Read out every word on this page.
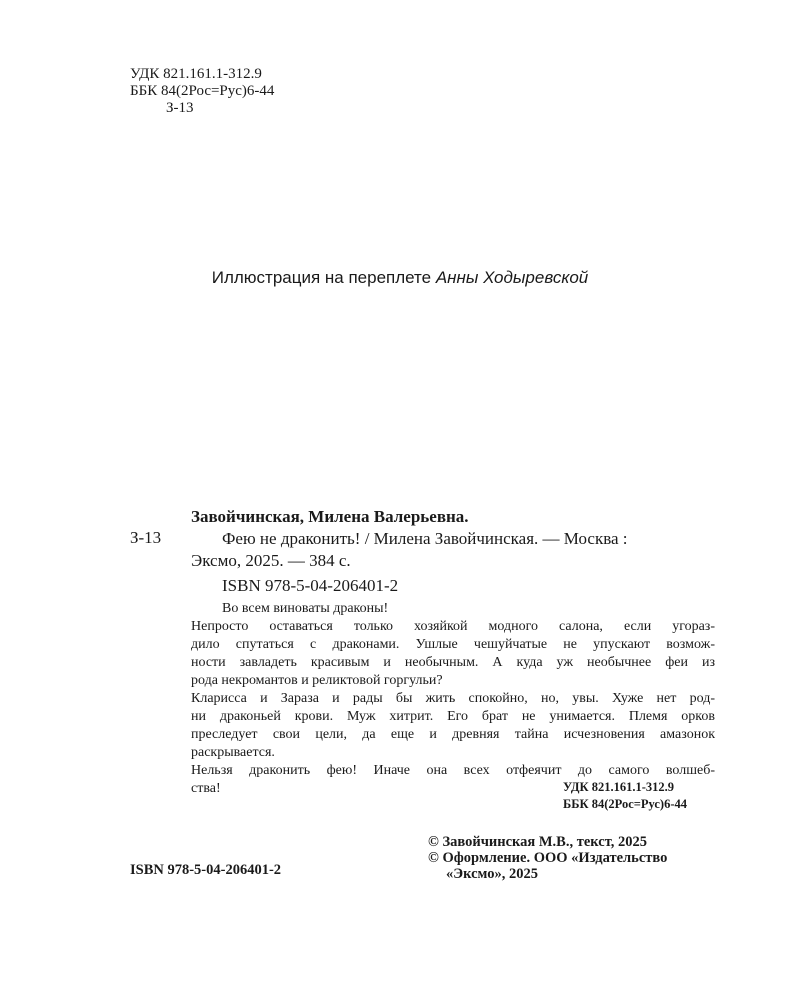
УДК 821.161.1-312.9
ББК 84(2Рос=Рус)6-44
З-13
Иллюстрация на переплете Анны Ходыревской
Завойчинская, Милена Валерьевна.
З-13	Фею не драконить! / Милена Завойчинская. — Москва :
Эксмо, 2025. — 384 с.
ISBN 978-5-04-206401-2

Во всем виноваты драконы!

Непросто оставаться только хозяйкой модного салона, если угораз-
дило спутаться с драконами. Ушлые чешуйчатые не упускают возмож-
ности завладеть красивым и необычным. А куда уж необычнее феи из
рода некромантов и реликтовой горгульи?

Кларисса и Зараза и рады бы жить спокойно, но, увы. Хуже нет род-
ни драконьей крови. Муж хитрит. Его брат не унимается. Племя орков
преследует свои цели, да еще и древняя тайна исчезновения амазонок
раскрывается.

Нельзя драконить фею! Иначе она всех отфеячит до самого волшеб-
ства!	УДК 821.161.1-312.9
ББК 84(2Рос=Рус)6-44
© Завойчинская М.В., текст, 2025
© Оформление. ООО «Издательство
«Эксмо», 2025
ISBN 978-5-04-206401-2
